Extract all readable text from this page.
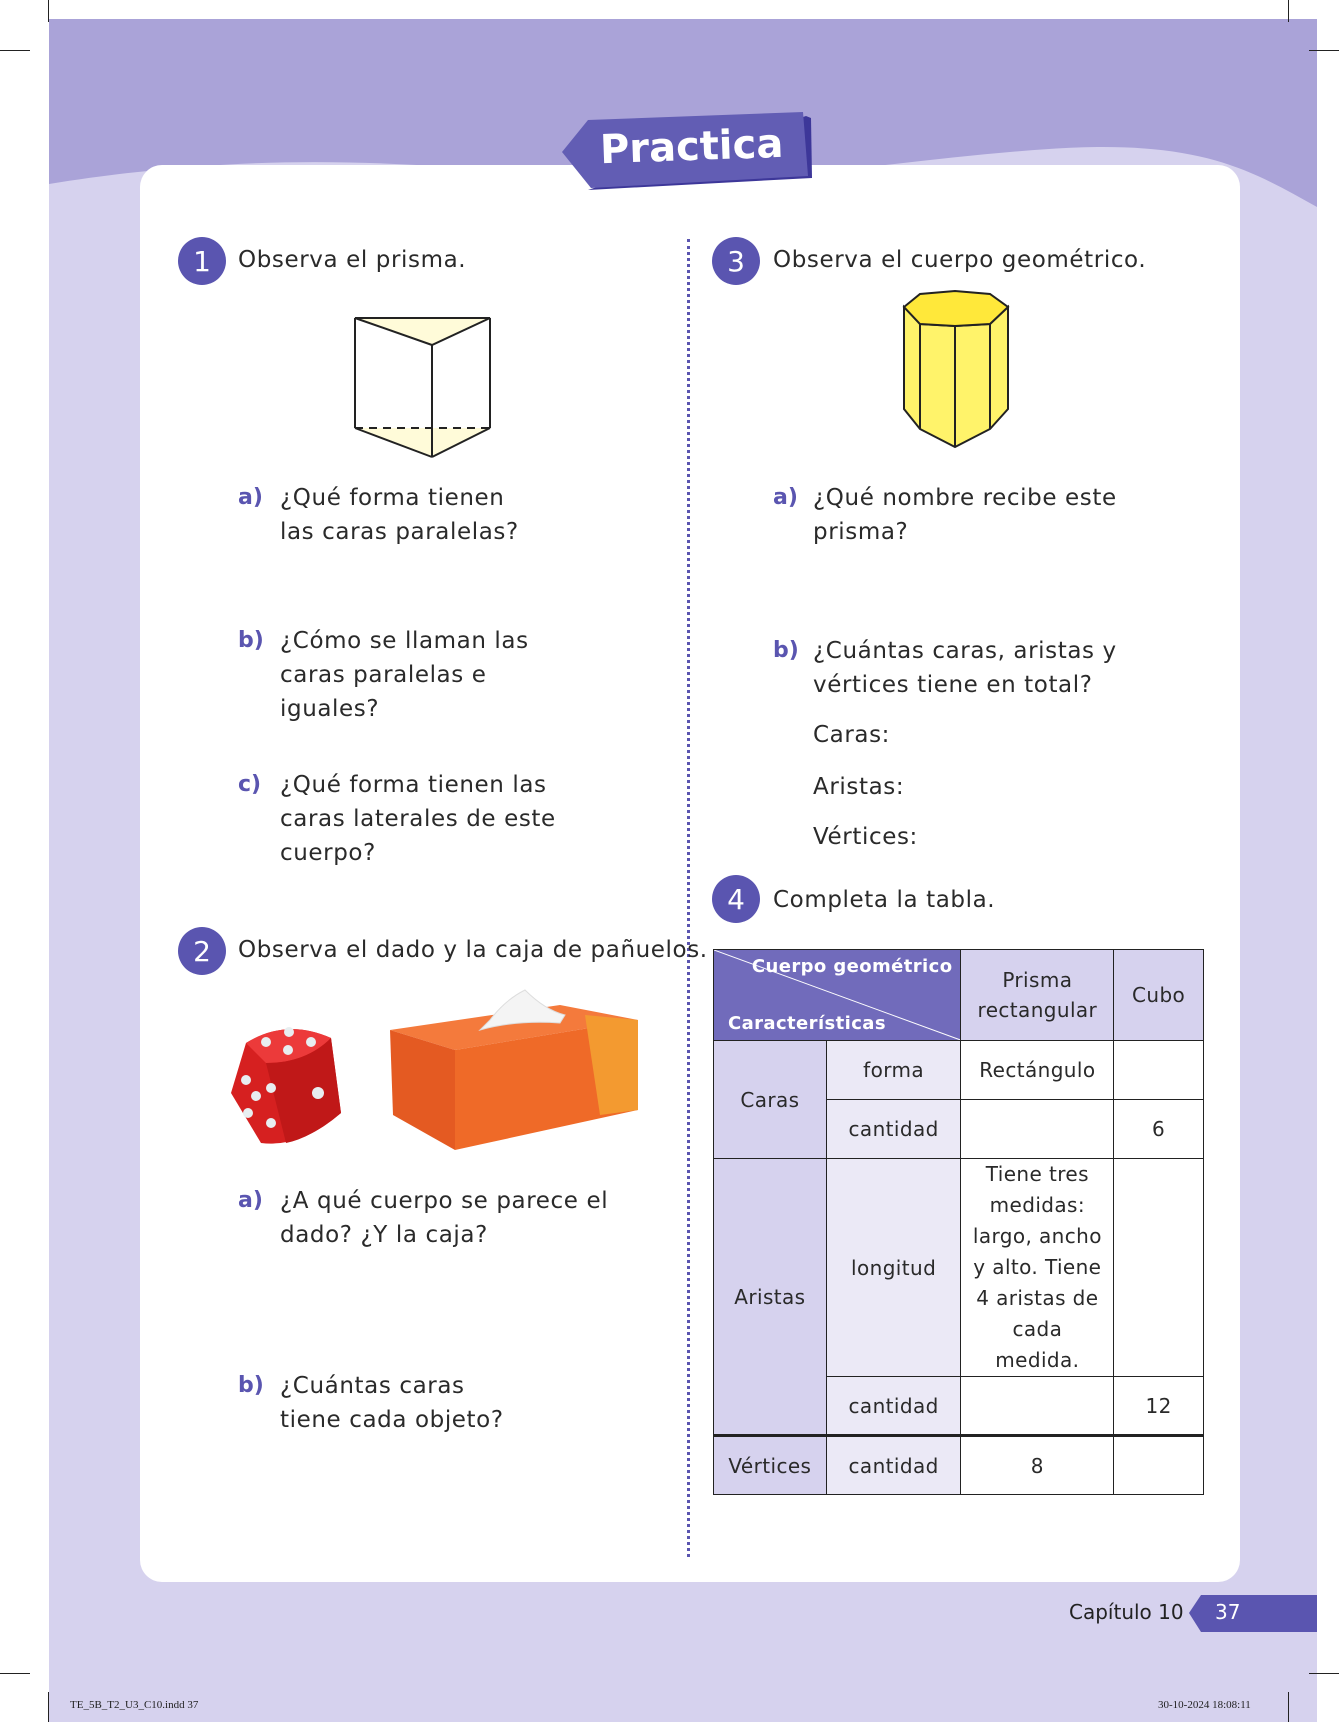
Practica
1	Observa el prisma.
a) ¿Qué forma tienen las caras paralelas?
b) ¿Cómo se llaman las caras paralelas e iguales?
c) ¿Qué forma tienen las caras laterales de este cuerpo?
2	Observa el dado y la caja de pañuelos.
a) ¿A qué cuerpo se parece el dado? ¿Y la caja?
b) ¿Cuántas caras tiene cada objeto?
3	Observa el cuerpo geométrico.
a) ¿Qué nombre recibe este prisma?
b) ¿Cuántas caras, aristas y vértices tiene en total?
Caras:
Aristas:
Vértices:
4	Completa la tabla.
Cuerpo geométrico
Características		Prisma rectangular	Cubo
Caras	forma	Rectángulo	
	cantidad		6
Aristas	longitud	Tiene tres medidas: largo, ancho y alto. Tiene 4 aristas de cada medida.	
	cantidad		12
Vértices	cantidad	8	
Capítulo 10 37
TE_5B_T2_U3_C10.indd 37	30-10-2024 18:08:11
